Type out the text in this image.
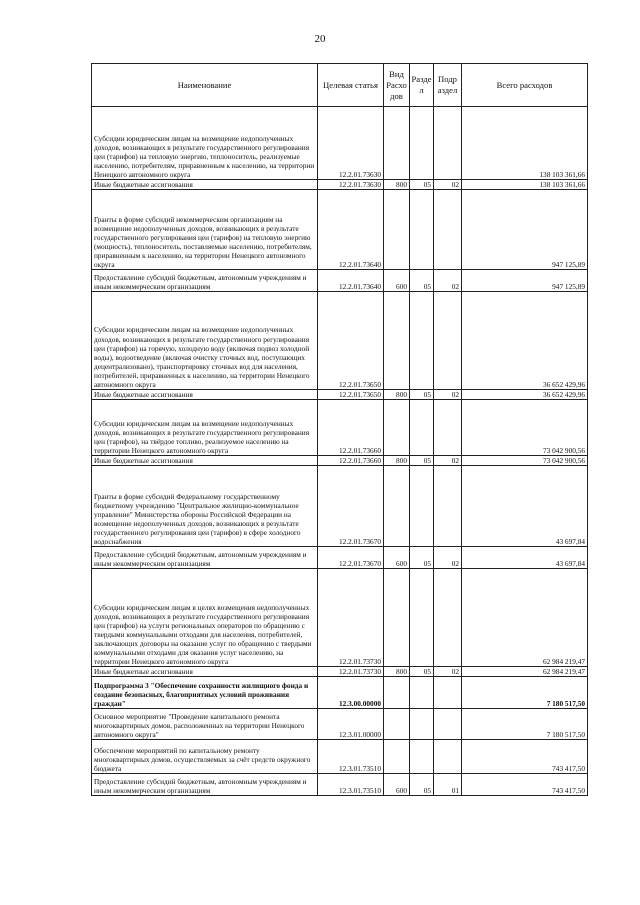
20
Наименование	Целевая статья	Вид Расхо дов	Разде л	Подр аздел	Всего расходов
Субсидии юридическим лицам на возмещение недополученных доходов, возникающих в результате государственного регулирования цен (тарифов) на тепловую энергию, теплоноситель, реализуемые населению, потребителям, приравненным к населению, на территории Ненецкого автономного округа	12.2.01.73630				138 103 361,66
Иные бюджетные ассигнования	12.2.01.73630	800	05	02	138 103 361,66
Гранты в форме субсидий некоммерческим организациям на возмещение недополученных доходов, возникающих в результате государственного регулирования цен (тарифов) на тепловую энергию (мощность), теплоноситель, поставляемые населению, потребителям, приравненным к населению, на территории Ненецкого автономного округа	12.2.01.73640				947 125,89
Предоставление субсидий бюджетным, автономным учреждениям и иным некоммерческим организациям	12.2.01.73640	600	05	02	947 125,89
Субсидии юридическим лицам на возмещение недополученных доходов, возникающих в результате государственного регулирования цен (тарифов) на горячую, холодную воду (включая подвоз холодной воды), водоотведение (включая очистку сточных вод, поступающих децентрализовано), транспортировку сточных вод для населения, потребителей, приравненных к населению, на территории Ненецкого автономного округа	12.2.01.73650				36 652 429,96
Иные бюджетные ассигнования	12.2.01.73650	800	05	02	36 652 429,96
Субсидии юридическим лицам на возмещение недополученных доходов, возникающих в результате государственного регулирования цен (тарифов), на твёрдое топливо, реализуемое населению на территории Ненецкого автономного округа	12.2.01.73660				73 042 900,56
Иные бюджетные ассигнования	12.2.01.73660	800	05	02	73 042 900,56
Гранты в форме субсидий Федеральному государственному бюджетному учреждению "Центральное жилищно-коммунальное управление" Министерства обороны Российской Федерации на возмещение недополученных доходов, возникающих в результате государственного регулирования цен (тарифов) в сфере холодного водоснабжения	12.2.01.73670				43 697,84
Предоставление субсидий бюджетным, автономным учреждениям и иным некоммерческим организациям	12.2.01.73670	600	05	02	43 697,84
Субсидии юридическим лицам в целях возмещения недополученных доходов, возникающих в результате государственного регулирования цен (тарифов) на услуги региональных операторов по обращению с твердыми коммунальными отходами для населения, потребителей, заключающих договоры на оказание услуг по обращению с твердыми коммунальными отходами для оказания услуг населению, на территории Ненецкого автономного округа	12.2.01.73730				62 984 219,47
Иные бюджетные ассигнования	12.2.01.73730	800	05	02	62 984 219,47
Подпрограмма 3 "Обеспечение сохранности жилищного фонда и создание безопасных, благоприятных условий проживания граждан"	12.3.00.00000				7 180 517,50
Основное мероприятие "Проведение капитального ремонта многоквартирных домов, расположенных на территории Ненецкого автономного округа"	12.3.01.00000				7 180 517,50
Обеспечение мероприятий по капитальному ремонту многоквартирных домов, осуществляемых за счёт средств окружного бюджета	12.3.01.73510				743 417,50
Предоставление субсидий бюджетным, автономным учреждениям и иным некоммерческим организациям	12.3.01.73510	600	05	01	743 417,50
